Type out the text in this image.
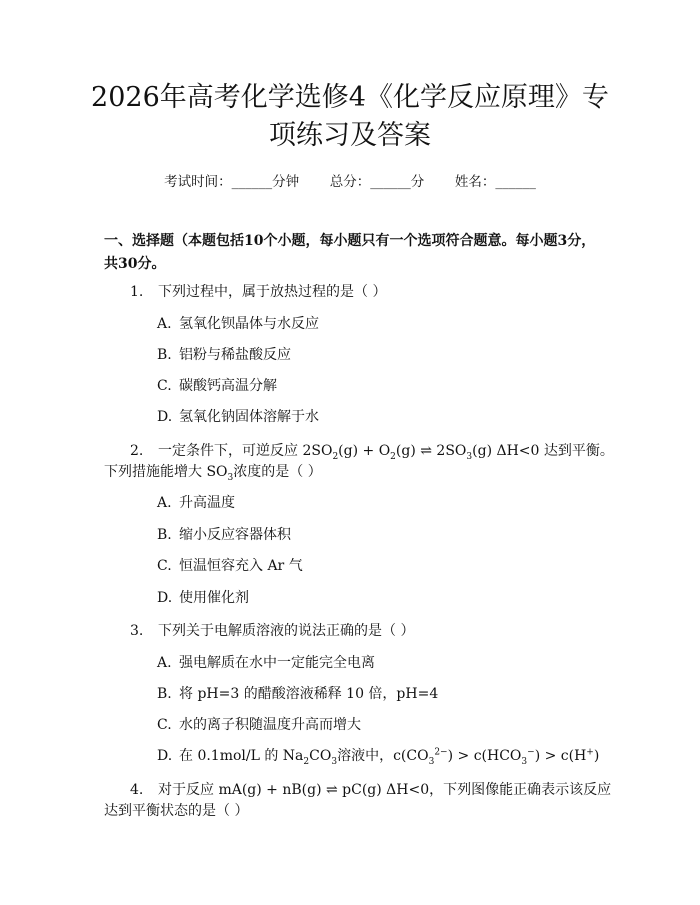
2026年高考化学选修4《化学反应原理》专
项练习及答案
考试时间：______分钟 总分：______分 姓名：______

一、选择题（本题包括10个小题，每小题只有一个选项符合题意。每小题3分，共30分。

1. 下列过程中，属于放热过程的是（ ）
A. 氢氧化钡晶体与水反应
B. 铝粉与稀盐酸反应
C. 碳酸钙高温分解
D. 氢氧化钠固体溶解于水
2. 一定条件下，可逆反应 $2SO_2(g) + O_2(g)$ ⇌ $2SO_3(g)$ ΔH<0 达到平衡。
下列措施能增大 $SO_3$浓度的是（ ）
A. 升高温度
B. 缩小反应容器体积
C. 恒温恒容充入 Ar 气
D. 使用催化剂
3. 下列关于电解质溶液的说法正确的是（ ）
A. 强电解质在水中一定能完全电离
B. 将 pH=3 的醋酸溶液稀释 10 倍，pH=4
C. 水的离子积随温度升高而增大
D. 在 0.1mol/L 的 $Na_2CO_3$溶液中，$c(CO_3^{2-}) > c(HCO_3^-) > c(H^+)$
4. 对于反应 mA(g) + nB(g) ⇌ pC(g) ΔH<0，下列图像能正确表示该反应
达到平衡状态的是（ ）
